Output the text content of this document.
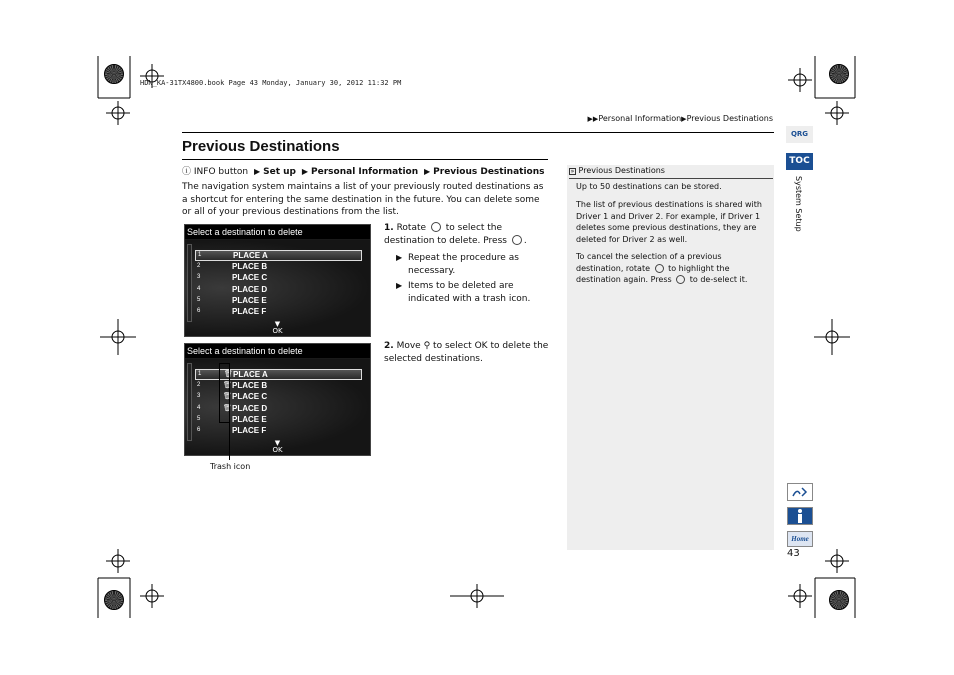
HDN_KA-31TX4800.book Page 43 Monday, January 30, 2012 11:32 PM
▶▶Personal Information▶Previous Destinations
Previous Destinations
ⓘ INFO button ▶ Set up ▶ Personal Information ▶ Previous Destinations
The navigation system maintains a list of your previously routed destinations as a shortcut for entering the same destination in the future. You can delete some or all of your previous destinations from the list.
Select a destination to delete
1	PLACE A
2	PLACE B
3	PLACE C
4	PLACE D
5	PLACE E
6	PLACE F
▼
OK
Select a destination to delete
1	🗑 PLACE A
2	🗑 PLACE B
3	🗑 PLACE C
4	🗑 PLACE D
5	PLACE E
6	PLACE F
▼
OK
Trash icon
1. Rotate to select the destination to delete. Press .
▶ Repeat the procedure as necessary.
▶ Items to be deleted are indicated with a trash icon.
2. Move ⚲ to select OK to delete the selected destinations.
» Previous Destinations
Up to 50 destinations can be stored.
The list of previous destinations is shared with Driver 1 and Driver 2. For example, if Driver 1 deletes some previous destinations, they are deleted for Driver 2 as well.
To cancel the selection of a previous destination, rotate to highlight the destination again. Press to de-select it.
QRG
TOC
System Setup
Home
43
